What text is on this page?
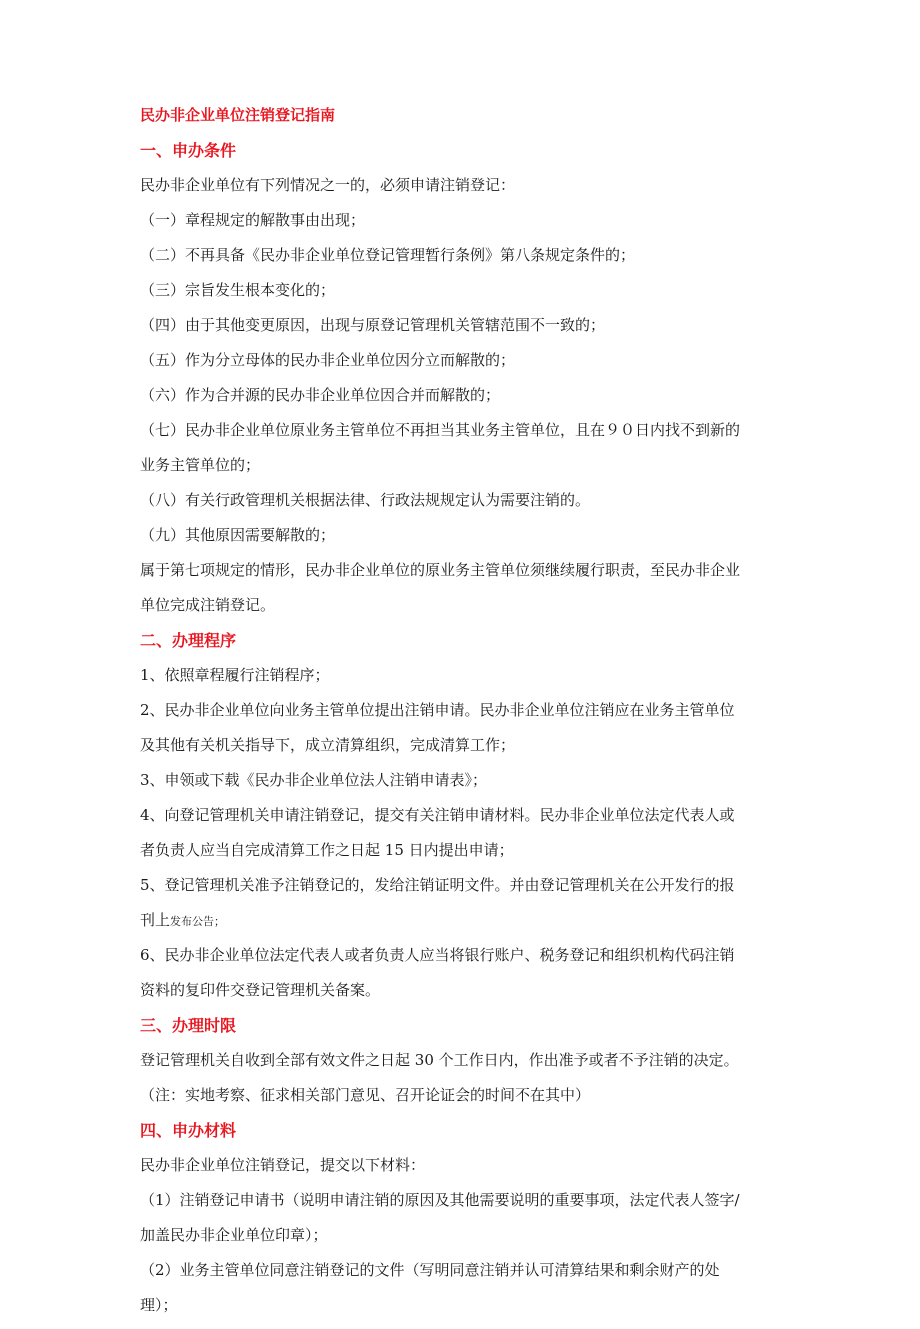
民办非企业单位注销登记指南
一、申办条件
民办非企业单位有下列情况之一的，必须申请注销登记：
（一）章程规定的解散事由出现；
（二）不再具备《民办非企业单位登记管理暂行条例》第八条规定条件的；
（三）宗旨发生根本变化的；
（四）由于其他变更原因，出现与原登记管理机关管辖范围不一致的；
（五）作为分立母体的民办非企业单位因分立而解散的；
（六）作为合并源的民办非企业单位因合并而解散的；
（七）民办非企业单位原业务主管单位不再担当其业务主管单位，且在９０日内找不到新的
业务主管单位的；
（八）有关行政管理机关根据法律、行政法规规定认为需要注销的。
（九）其他原因需要解散的；
属于第七项规定的情形，民办非企业单位的原业务主管单位须继续履行职责，至民办非企业
单位完成注销登记。
二、办理程序
1、依照章程履行注销程序；
2、民办非企业单位向业务主管单位提出注销申请。民办非企业单位注销应在业务主管单位
及其他有关机关指导下，成立清算组织，完成清算工作；
3、申领或下载《民办非企业单位法人注销申请表》；
4、向登记管理机关申请注销登记，提交有关注销申请材料。民办非企业单位法定代表人或
者负责人应当自完成清算工作之日起 15 日内提出申请；
5、登记管理机关准予注销登记的，发给注销证明文件。并由登记管理机关在公开发行的报
刊上发布公告；
6、民办非企业单位法定代表人或者负责人应当将银行账户、税务登记和组织机构代码注销
资料的复印件交登记管理机关备案。
三、办理时限
登记管理机关自收到全部有效文件之日起 30 个工作日内，作出准予或者不予注销的决定。
（注：实地考察、征求相关部门意见、召开论证会的时间不在其中）
四、申办材料
民办非企业单位注销登记，提交以下材料：
（1）注销登记申请书（说明申请注销的原因及其他需要说明的重要事项，法定代表人签字/
加盖民办非企业单位印章）；
（2）业务主管单位同意注销登记的文件（写明同意注销并认可清算结果和剩余财产的处
理）；
